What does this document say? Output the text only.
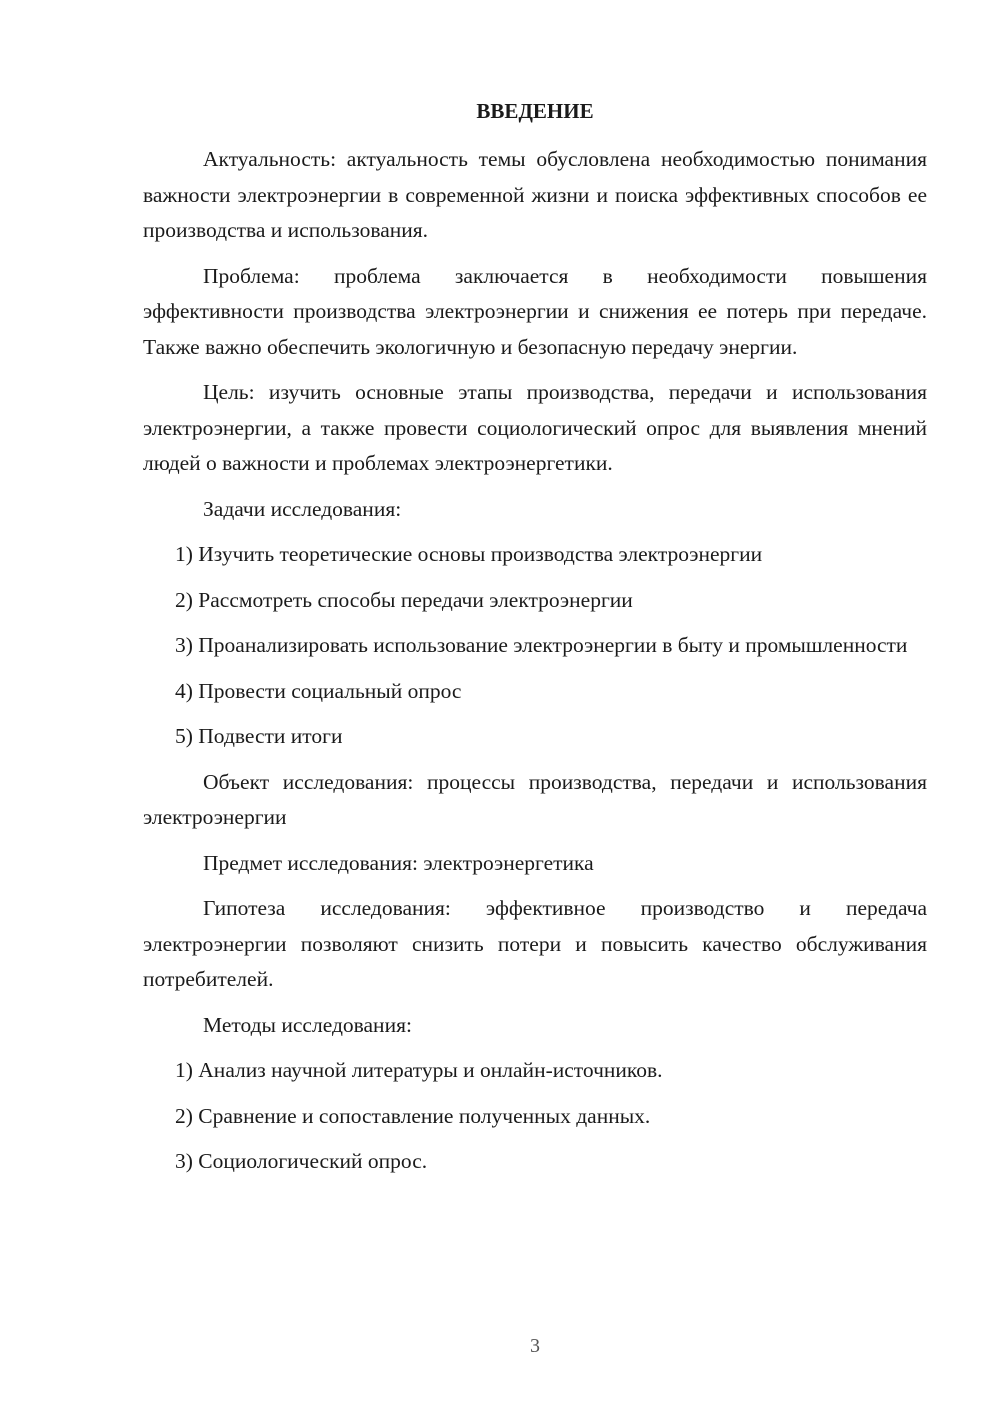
ВВЕДЕНИЕ

Актуальность: актуальность темы обусловлена необходимостью понимания важности электроэнергии в современной жизни и поиска эффективных способов ее производства и использования.

Проблема: проблема заключается в необходимости повышения эффективности производства электроэнергии и снижения ее потерь при передаче. Также важно обеспечить экологичную и безопасную передачу энергии.

Цель: изучить основные этапы производства, передачи и использования электроэнергии, а также провести социологический опрос для выявления мнений людей о важности и проблемах электроэнергетики.

Задачи исследования:

1) Изучить теоретические основы производства электроэнергии

2) Рассмотреть способы передачи электроэнергии

3) Проанализировать использование электроэнергии в быту и промышленности

4) Провести социальный опрос

5) Подвести итоги

Объект исследования: процессы производства, передачи и использования электроэнергии

Предмет исследования: электроэнергетика

Гипотеза исследования: эффективное производство и передача электроэнергии позволяют снизить потери и повысить качество обслуживания потребителей.

Методы исследования:

1) Анализ научной литературы и онлайн-источников.

2) Сравнение и сопоставление полученных данных.

3) Социологический опрос.

3
